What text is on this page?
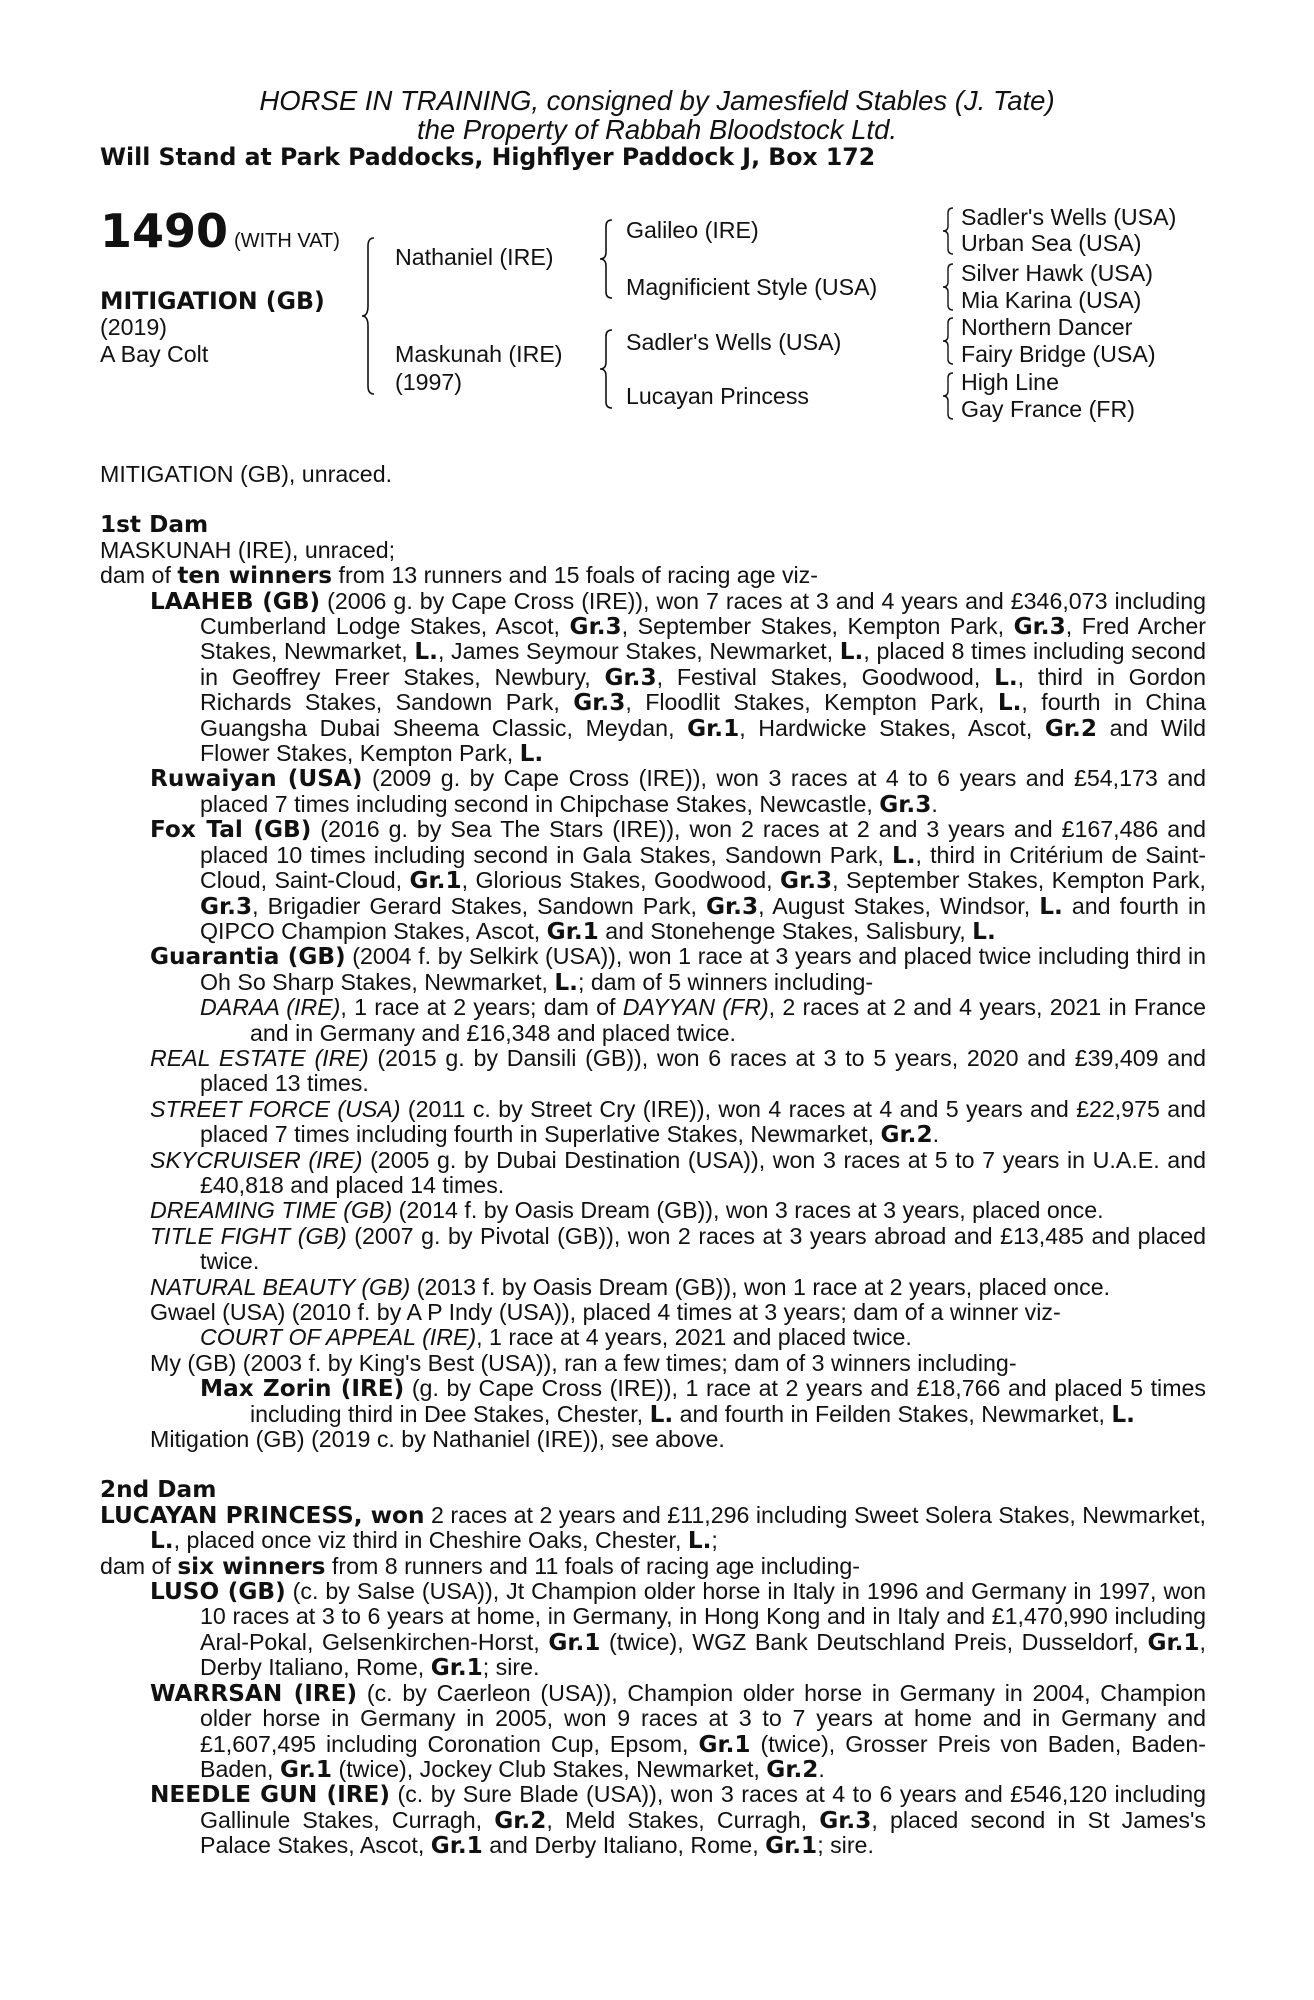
HORSE IN TRAINING, consigned by Jamesfield Stables (J. Tate)
the Property of Rabbah Bloodstock Ltd.
Will Stand at Park Paddocks, Highflyer Paddock J, Box 172
1490 (WITH VAT)
MITIGATION (GB)
(2019)
A Bay Colt
Nathaniel (IRE)
Maskunah (IRE)
(1997)
Galileo (IRE)
Magnificient Style (USA)
Sadler's Wells (USA)
Lucayan Princess
Sadler's Wells (USA)
Urban Sea (USA)
Silver Hawk (USA)
Mia Karina (USA)
Northern Dancer
Fairy Bridge (USA)
High Line
Gay France (FR)

MITIGATION (GB), unraced.

1st Dam

MASKUNAH (IRE), unraced;

dam of ten winners from 13 runners and 15 foals of racing age viz-

LAAHEB (GB) (2006 g. by Cape Cross (IRE)), won 7 races at 3 and 4 years and £346,073 including Cumberland Lodge Stakes, Ascot, Gr.3, September Stakes, Kempton Park, Gr.3, Fred Archer Stakes, Newmarket, L., James Seymour Stakes, Newmarket, L., placed 8 times including second in Geoffrey Freer Stakes, Newbury, Gr.3, Festival Stakes, Goodwood, L., third in Gordon Richards Stakes, Sandown Park, Gr.3, Floodlit Stakes, Kempton Park, L., fourth in China Guangsha Dubai Sheema Classic, Meydan, Gr.1, Hardwicke Stakes, Ascot, Gr.2 and Wild Flower Stakes, Kempton Park, L.

Ruwaiyan (USA) (2009 g. by Cape Cross (IRE)), won 3 races at 4 to 6 years and £54,173 and placed 7 times including second in Chipchase Stakes, Newcastle, Gr.3.

Fox Tal (GB) (2016 g. by Sea The Stars (IRE)), won 2 races at 2 and 3 years and £167,486 and placed 10 times including second in Gala Stakes, Sandown Park, L., third in Critérium de Saint-Cloud, Saint-Cloud, Gr.1, Glorious Stakes, Goodwood, Gr.3, September Stakes, Kempton Park, Gr.3, Brigadier Gerard Stakes, Sandown Park, Gr.3, August Stakes, Windsor, L. and fourth in QIPCO Champion Stakes, Ascot, Gr.1 and Stonehenge Stakes, Salisbury, L.

Guarantia (GB) (2004 f. by Selkirk (USA)), won 1 race at 3 years and placed twice including third in Oh So Sharp Stakes, Newmarket, L.; dam of 5 winners including-

DARAA (IRE), 1 race at 2 years; dam of DAYYAN (FR), 2 races at 2 and 4 years, 2021 in France and in Germany and £16,348 and placed twice.

REAL ESTATE (IRE) (2015 g. by Dansili (GB)), won 6 races at 3 to 5 years, 2020 and £39,409 and placed 13 times.

STREET FORCE (USA) (2011 c. by Street Cry (IRE)), won 4 races at 4 and 5 years and £22,975 and placed 7 times including fourth in Superlative Stakes, Newmarket, Gr.2.

SKYCRUISER (IRE) (2005 g. by Dubai Destination (USA)), won 3 races at 5 to 7 years in U.A.E. and £40,818 and placed 14 times.

DREAMING TIME (GB) (2014 f. by Oasis Dream (GB)), won 3 races at 3 years, placed once.

TITLE FIGHT (GB) (2007 g. by Pivotal (GB)), won 2 races at 3 years abroad and £13,485 and placed twice.

NATURAL BEAUTY (GB) (2013 f. by Oasis Dream (GB)), won 1 race at 2 years, placed once.

Gwael (USA) (2010 f. by A P Indy (USA)), placed 4 times at 3 years; dam of a winner viz-

COURT OF APPEAL (IRE), 1 race at 4 years, 2021 and placed twice.

My (GB) (2003 f. by King's Best (USA)), ran a few times; dam of 3 winners including-

Max Zorin (IRE) (g. by Cape Cross (IRE)), 1 race at 2 years and £18,766 and placed 5 times including third in Dee Stakes, Chester, L. and fourth in Feilden Stakes, Newmarket, L.

Mitigation (GB) (2019 c. by Nathaniel (IRE)), see above.

2nd Dam

LUCAYAN PRINCESS, won 2 races at 2 years and £11,296 including Sweet Solera Stakes, Newmarket, L., placed once viz third in Cheshire Oaks, Chester, L.;

dam of six winners from 8 runners and 11 foals of racing age including-

LUSO (GB) (c. by Salse (USA)), Jt Champion older horse in Italy in 1996 and Germany in 1997, won 10 races at 3 to 6 years at home, in Germany, in Hong Kong and in Italy and £1,470,990 including Aral-Pokal, Gelsenkirchen-Horst, Gr.1 (twice), WGZ Bank Deutschland Preis, Dusseldorf, Gr.1, Derby Italiano, Rome, Gr.1; sire.

WARRSAN (IRE) (c. by Caerleon (USA)), Champion older horse in Germany in 2004, Champion older horse in Germany in 2005, won 9 races at 3 to 7 years at home and in Germany and £1,607,495 including Coronation Cup, Epsom, Gr.1 (twice), Grosser Preis von Baden, Baden-Baden, Gr.1 (twice), Jockey Club Stakes, Newmarket, Gr.2.

NEEDLE GUN (IRE) (c. by Sure Blade (USA)), won 3 races at 4 to 6 years and £546,120 including Gallinule Stakes, Curragh, Gr.2, Meld Stakes, Curragh, Gr.3, placed second in St James's Palace Stakes, Ascot, Gr.1 and Derby Italiano, Rome, Gr.1; sire.
